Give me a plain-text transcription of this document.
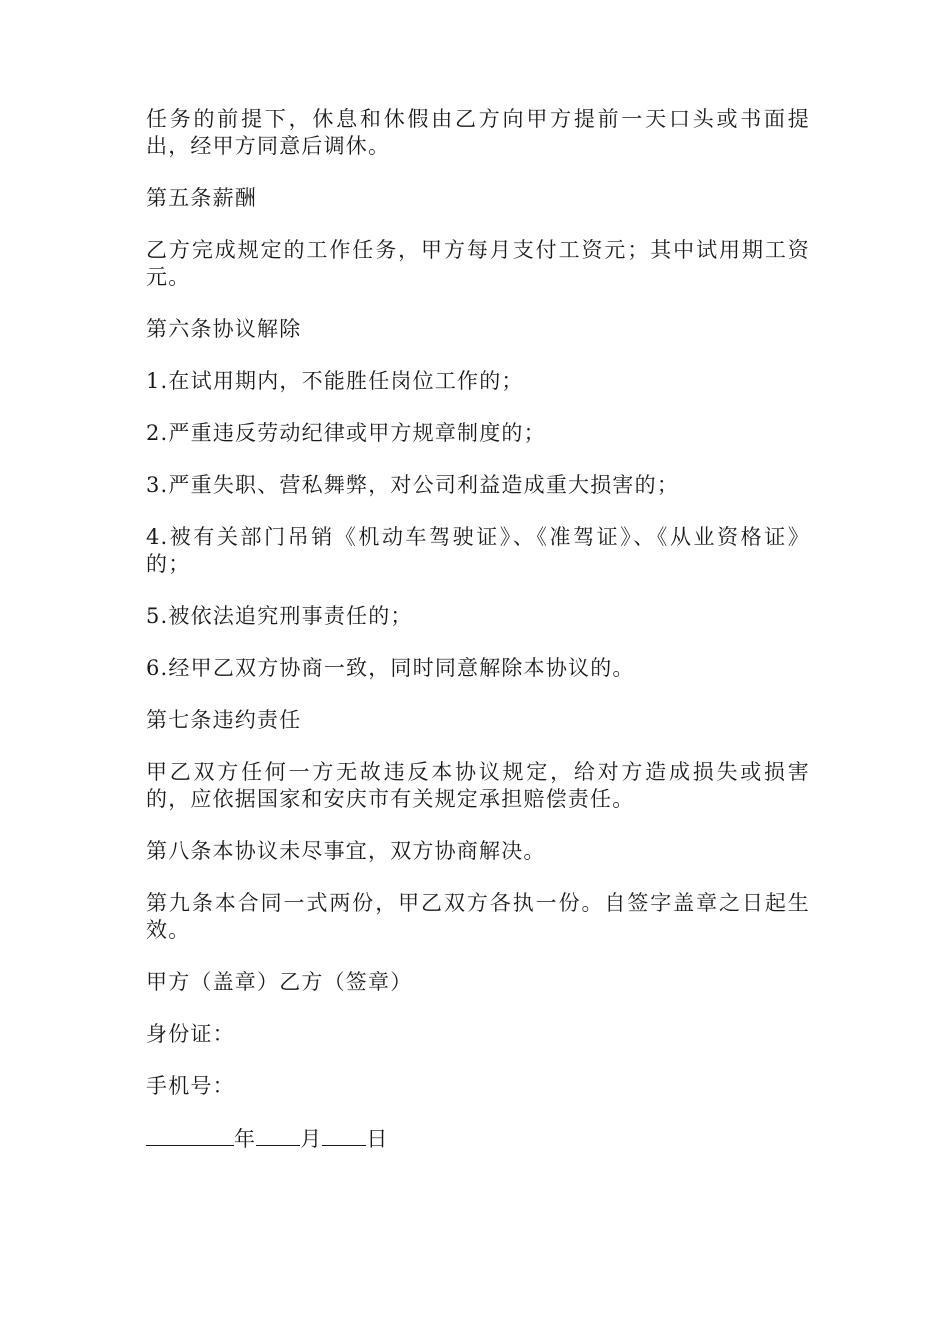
任务的前提下，休息和休假由乙方向甲方提前一天口头或书面提出，经甲方同意后调休。

第五条薪酬

乙方完成规定的工作任务，甲方每月支付工资元；其中试用期工资元。

第六条协议解除

1.在试用期内，不能胜任岗位工作的；

2.严重违反劳动纪律或甲方规章制度的；

3.严重失职、营私舞弊，对公司利益造成重大损害的；

4.被有关部门吊销《机动车驾驶证》、《准驾证》、《从业资格证》的；

5.被依法追究刑事责任的；

6.经甲乙双方协商一致，同时同意解除本协议的。

第七条违约责任

甲乙双方任何一方无故违反本协议规定，给对方造成损失或损害的，应依据国家和安庆市有关规定承担赔偿责任。

第八条本协议未尽事宜，双方协商解决。

第九条本合同一式两份，甲乙双方各执一份。自签字盖章之日起生效。

甲方（盖章）乙方（签章）

身份证：

手机号：

年 月 日
